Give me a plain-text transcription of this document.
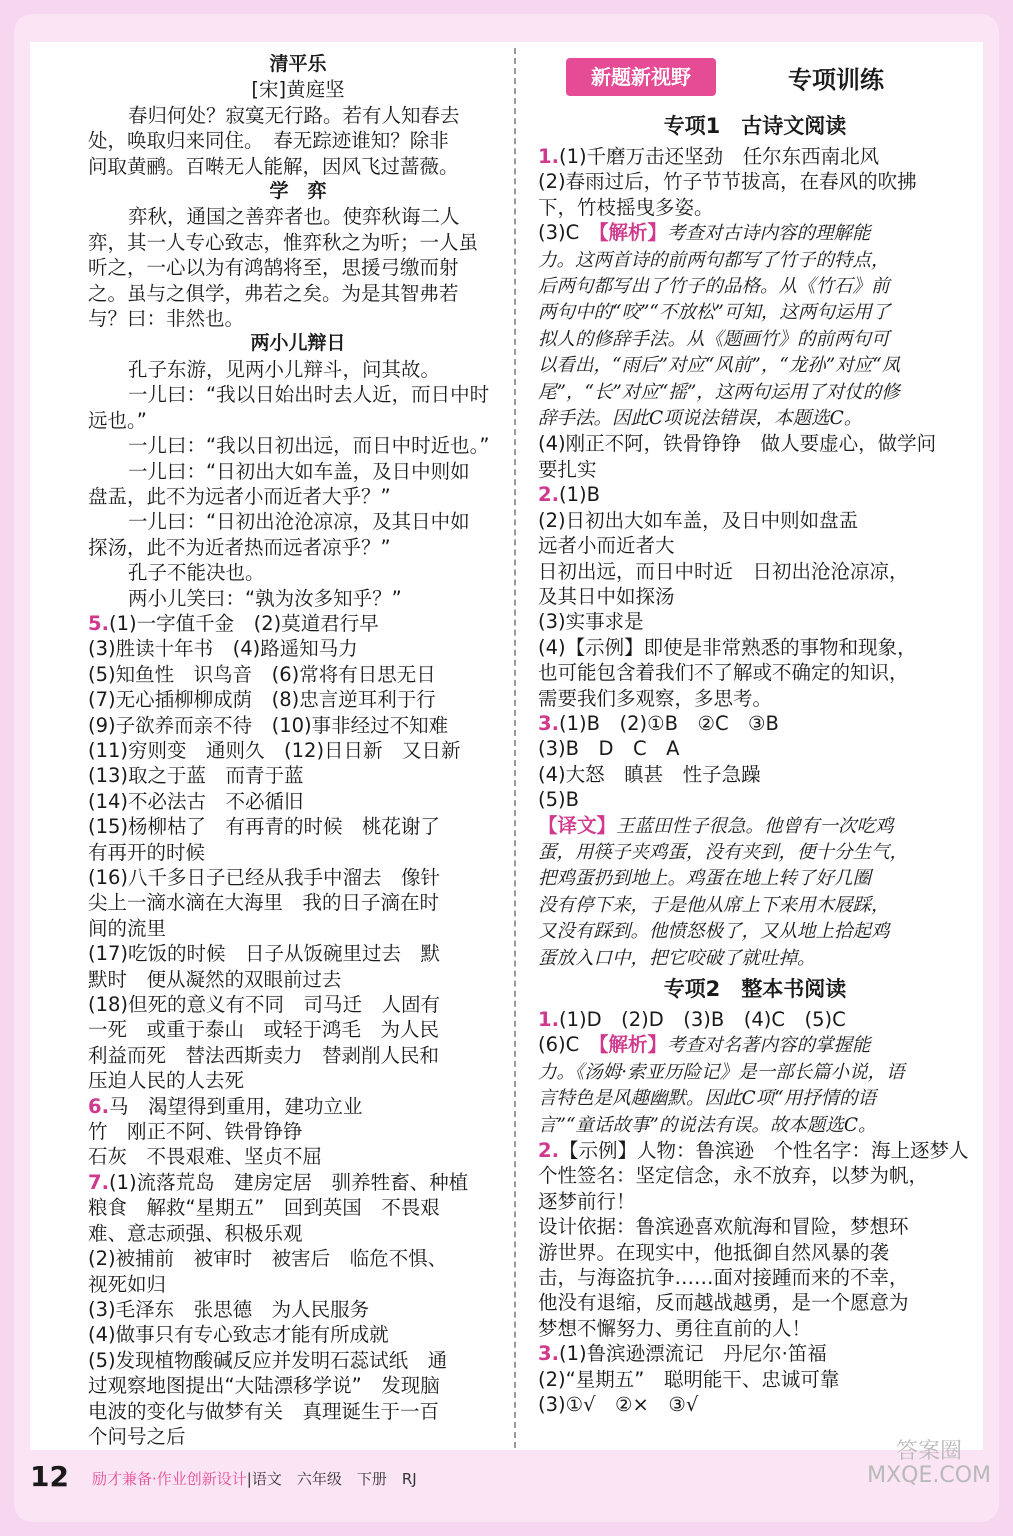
清平乐
[宋]黄庭坚
春归何处？寂寞无行路。若有人知春去
处，唤取归来同住。　春无踪迹谁知？除非
问取黄鹂。百啭无人能解，因风飞过蔷薇。
学　弈
弈秋，通国之善弈者也。使弈秋诲二人
弈，其一人专心致志，惟弈秋之为听；一人虽
听之，一心以为有鸿鹄将至，思援弓缴而射
之。虽与之俱学，弗若之矣。为是其智弗若
与？曰：非然也。
两小儿辩日
孔子东游，见两小儿辩斗，问其故。
一儿曰：“我以日始出时去人近，而日中时
远也。”
一儿曰：“我以日初出远，而日中时近也。”
一儿曰：“日初出大如车盖，及日中则如
盘盂，此不为远者小而近者大乎？”
一儿曰：“日初出沧沧凉凉，及其日中如
探汤，此不为近者热而远者凉乎？”
孔子不能决也。
两小儿笑曰：“孰为汝多知乎？”
5.(1)一字值千金　(2)莫道君行早
(3)胜读十年书　(4)路遥知马力
(5)知鱼性　识鸟音　(6)常将有日思无日
(7)无心插柳柳成荫　(8)忠言逆耳利于行
(9)子欲养而亲不待　(10)事非经过不知难
(11)穷则变　通则久　(12)日日新　又日新
(13)取之于蓝　而青于蓝
(14)不必法古　不必循旧
(15)杨柳枯了　有再青的时候　桃花谢了
有再开的时候
(16)八千多日子已经从我手中溜去　像针
尖上一滴水滴在大海里　我的日子滴在时
间的流里
(17)吃饭的时候　日子从饭碗里过去　默
默时　便从凝然的双眼前过去
(18)但死的意义有不同　司马迁　人固有
一死　或重于泰山　或轻于鸿毛　为人民
利益而死　替法西斯卖力　替剥削人民和
压迫人民的人去死
6.马　渴望得到重用，建功立业
竹　刚正不阿、铁骨铮铮
石灰　不畏艰难、坚贞不屈
7.(1)流落荒岛　建房定居　驯养牲畜、种植
粮食　解救“星期五”　回到英国　不畏艰
难、意志顽强、积极乐观
(2)被捕前　被审时　被害后　临危不惧、
视死如归
(3)毛泽东　张思德　为人民服务
(4)做事只有专心致志才能有所成就
(5)发现植物酸碱反应并发明石蕊试纸　通
过观察地图提出“大陆漂移学说”　发现脑
电波的变化与做梦有关　真理诞生于一百
个问号之后
新题新视野	专项训练
专项1　古诗文阅读
1.(1)千磨万击还坚劲　任尔东西南北风
(2)春雨过后，竹子节节拔高，在春风的吹拂
下，竹枝摇曳多姿。
(3)C　【解析】考查对古诗内容的理解能
力。这两首诗的前两句都写了竹子的特点，
后两句都写出了竹子的品格。从《竹石》前
两句中的“咬”“不放松”可知，这两句运用了
拟人的修辞手法。从《题画竹》的前两句可
以看出，“雨后”对应“风前”，“龙孙”对应“凤
尾”，“长”对应“摇”，这两句运用了对仗的修
辞手法。因此C项说法错误，本题选C。
(4)刚正不阿，铁骨铮铮　做人要虚心，做学问
要扎实
2.(1)B
(2)日初出大如车盖，及日中则如盘盂
远者小而近者大
日初出远，而日中时近　日初出沧沧凉凉，
及其日中如探汤
(3)实事求是
(4)【示例】即使是非常熟悉的事物和现象，
也可能包含着我们不了解或不确定的知识，
需要我们多观察，多思考。
3.(1)B　(2)①B　②C　③B
(3)B　D　C　A
(4)大怒　瞋甚　性子急躁
(5)B
【译文】王蓝田性子很急。他曾有一次吃鸡
蛋，用筷子夹鸡蛋，没有夹到，便十分生气，
把鸡蛋扔到地上。鸡蛋在地上转了好几圈
没有停下来，于是他从席上下来用木屐踩，
又没有踩到。他愤怒极了，又从地上拾起鸡
蛋放入口中，把它咬破了就吐掉。
专项2　整本书阅读
1.(1)D　(2)D　(3)B　(4)C　(5)C
(6)C　【解析】考查对名著内容的掌握能
力。《汤姆·索亚历险记》是一部长篇小说，语
言特色是风趣幽默。因此C项“用抒情的语
言”“童话故事”的说法有误。故本题选C。
2.【示例】人物：鲁滨逊　个性名字：海上逐梦人
个性签名：坚定信念，永不放弃，以梦为帆，
逐梦前行！
设计依据：鲁滨逊喜欢航海和冒险，梦想环
游世界。在现实中，他抵御自然风暴的袭
击，与海盗抗争……面对接踵而来的不幸，
他没有退缩，反而越战越勇，是一个愿意为
梦想不懈努力、勇往直前的人！
3.(1)鲁滨逊漂流记　丹尼尔·笛福
(2)“星期五”　聪明能干、忠诚可靠
(3)①√　②×　③√
12 励才兼备·作业创新设计|语文　六年级　下册　RJ
答案圈
MXQE.COM
